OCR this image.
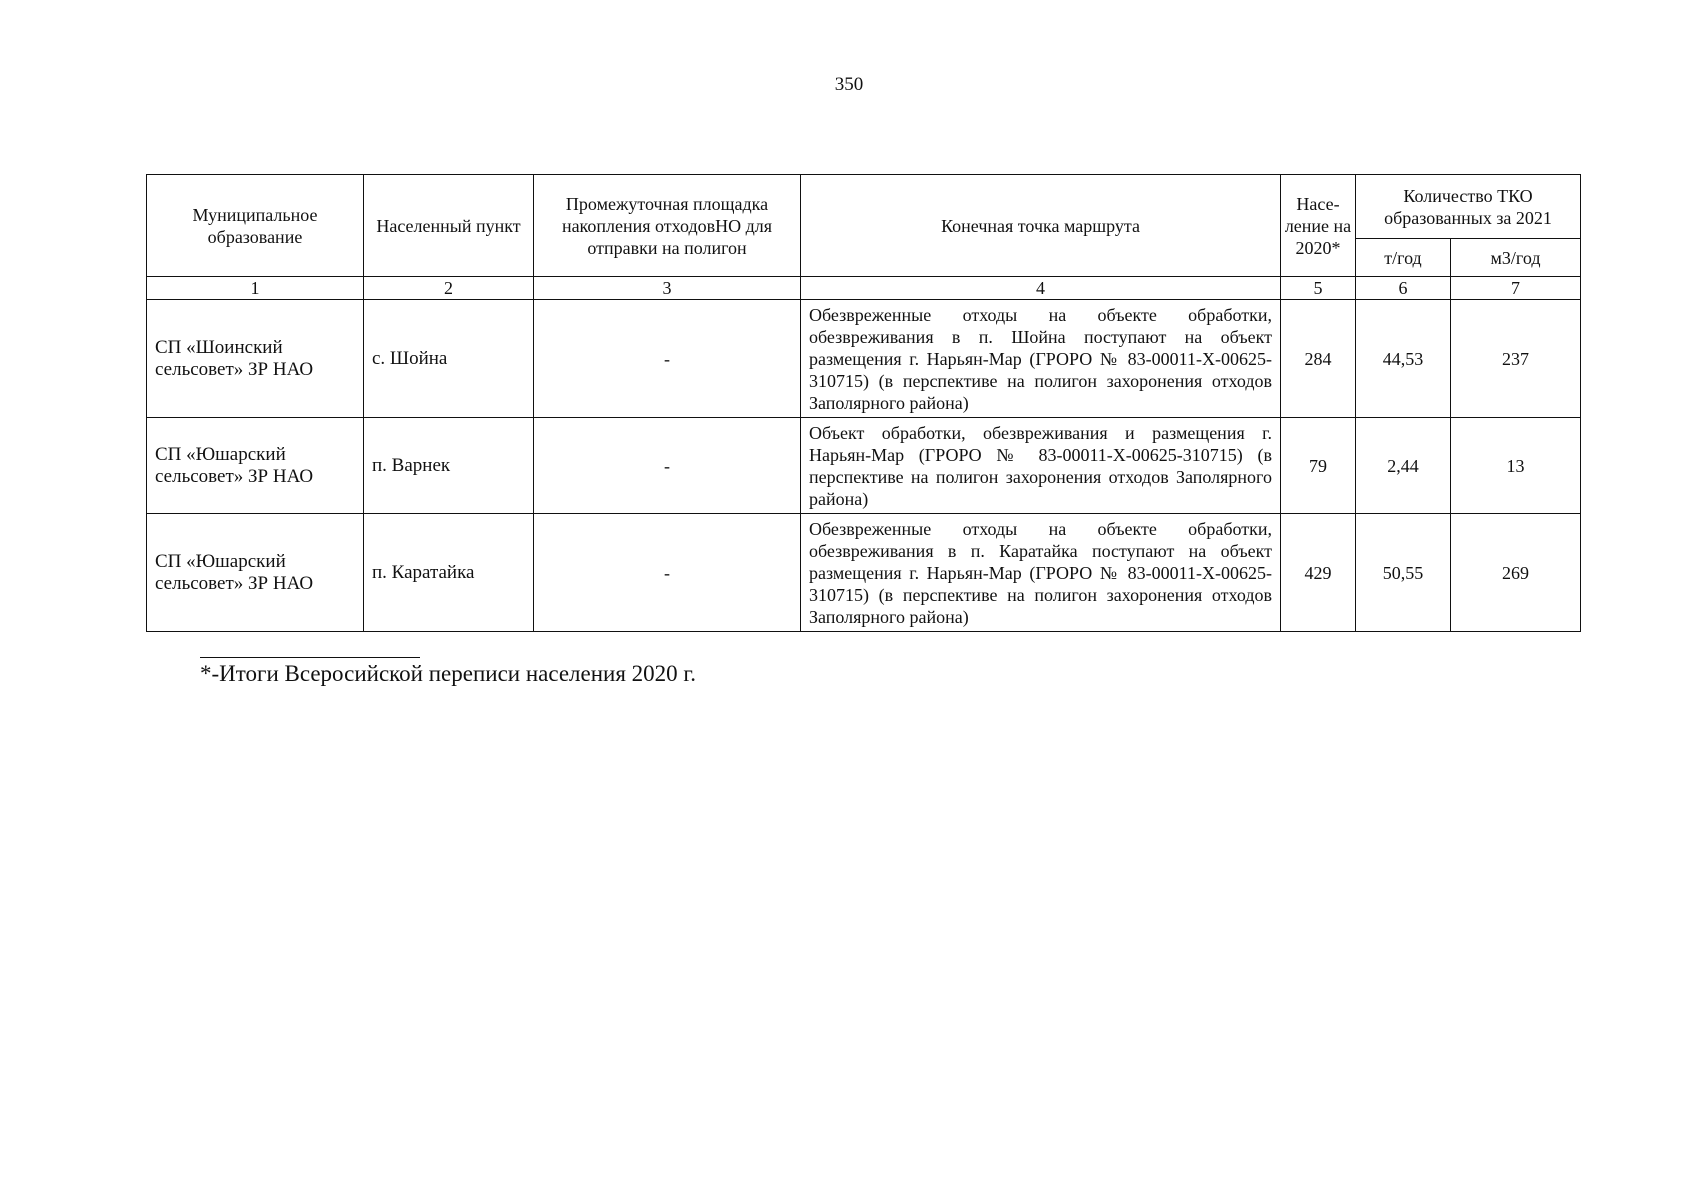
350
Муниципальное образование	Населенный пункт	Промежуточная площадка накопления отходовНО для отправки на полигон	Конечная точка маршрута	Насе-ление на 2020*	Количество ТКО образованных за 2021	
					т/год	м3/год
1	2	3	4	5	6	7
СП «Шоинский сельсовет» ЗР НАО	с. Шойна	-	Обезвреженные отходы на объекте обработки, обезвреживания в п. Шойна поступают на объект размещения г. Нарьян-Мар (ГРОРО № 83-00011-Х-00625-310715) (в перспективе на полигон захоронения отходов Заполярного района)	284	44,53	237
СП «Юшарский сельсовет» ЗР НАО	п. Варнек	-	Объект обработки, обезвреживания и размещения г. Нарьян-Мар (ГРОРО № 83-00011-Х-00625-310715) (в перспективе на полигон захоронения отходов Заполярного района)	79	2,44	13
СП «Юшарский сельсовет» ЗР НАО	п. Каратайка	-	Обезвреженные отходы на объекте обработки, обезвреживания в п. Каратайка поступают на объект размещения г. Нарьян-Мар (ГРОРО № 83-00011-Х-00625-310715) (в перспективе на полигон захоронения отходов Заполярного района)	429	50,55	269
*-Итоги Всеросийской переписи населения 2020 г.
